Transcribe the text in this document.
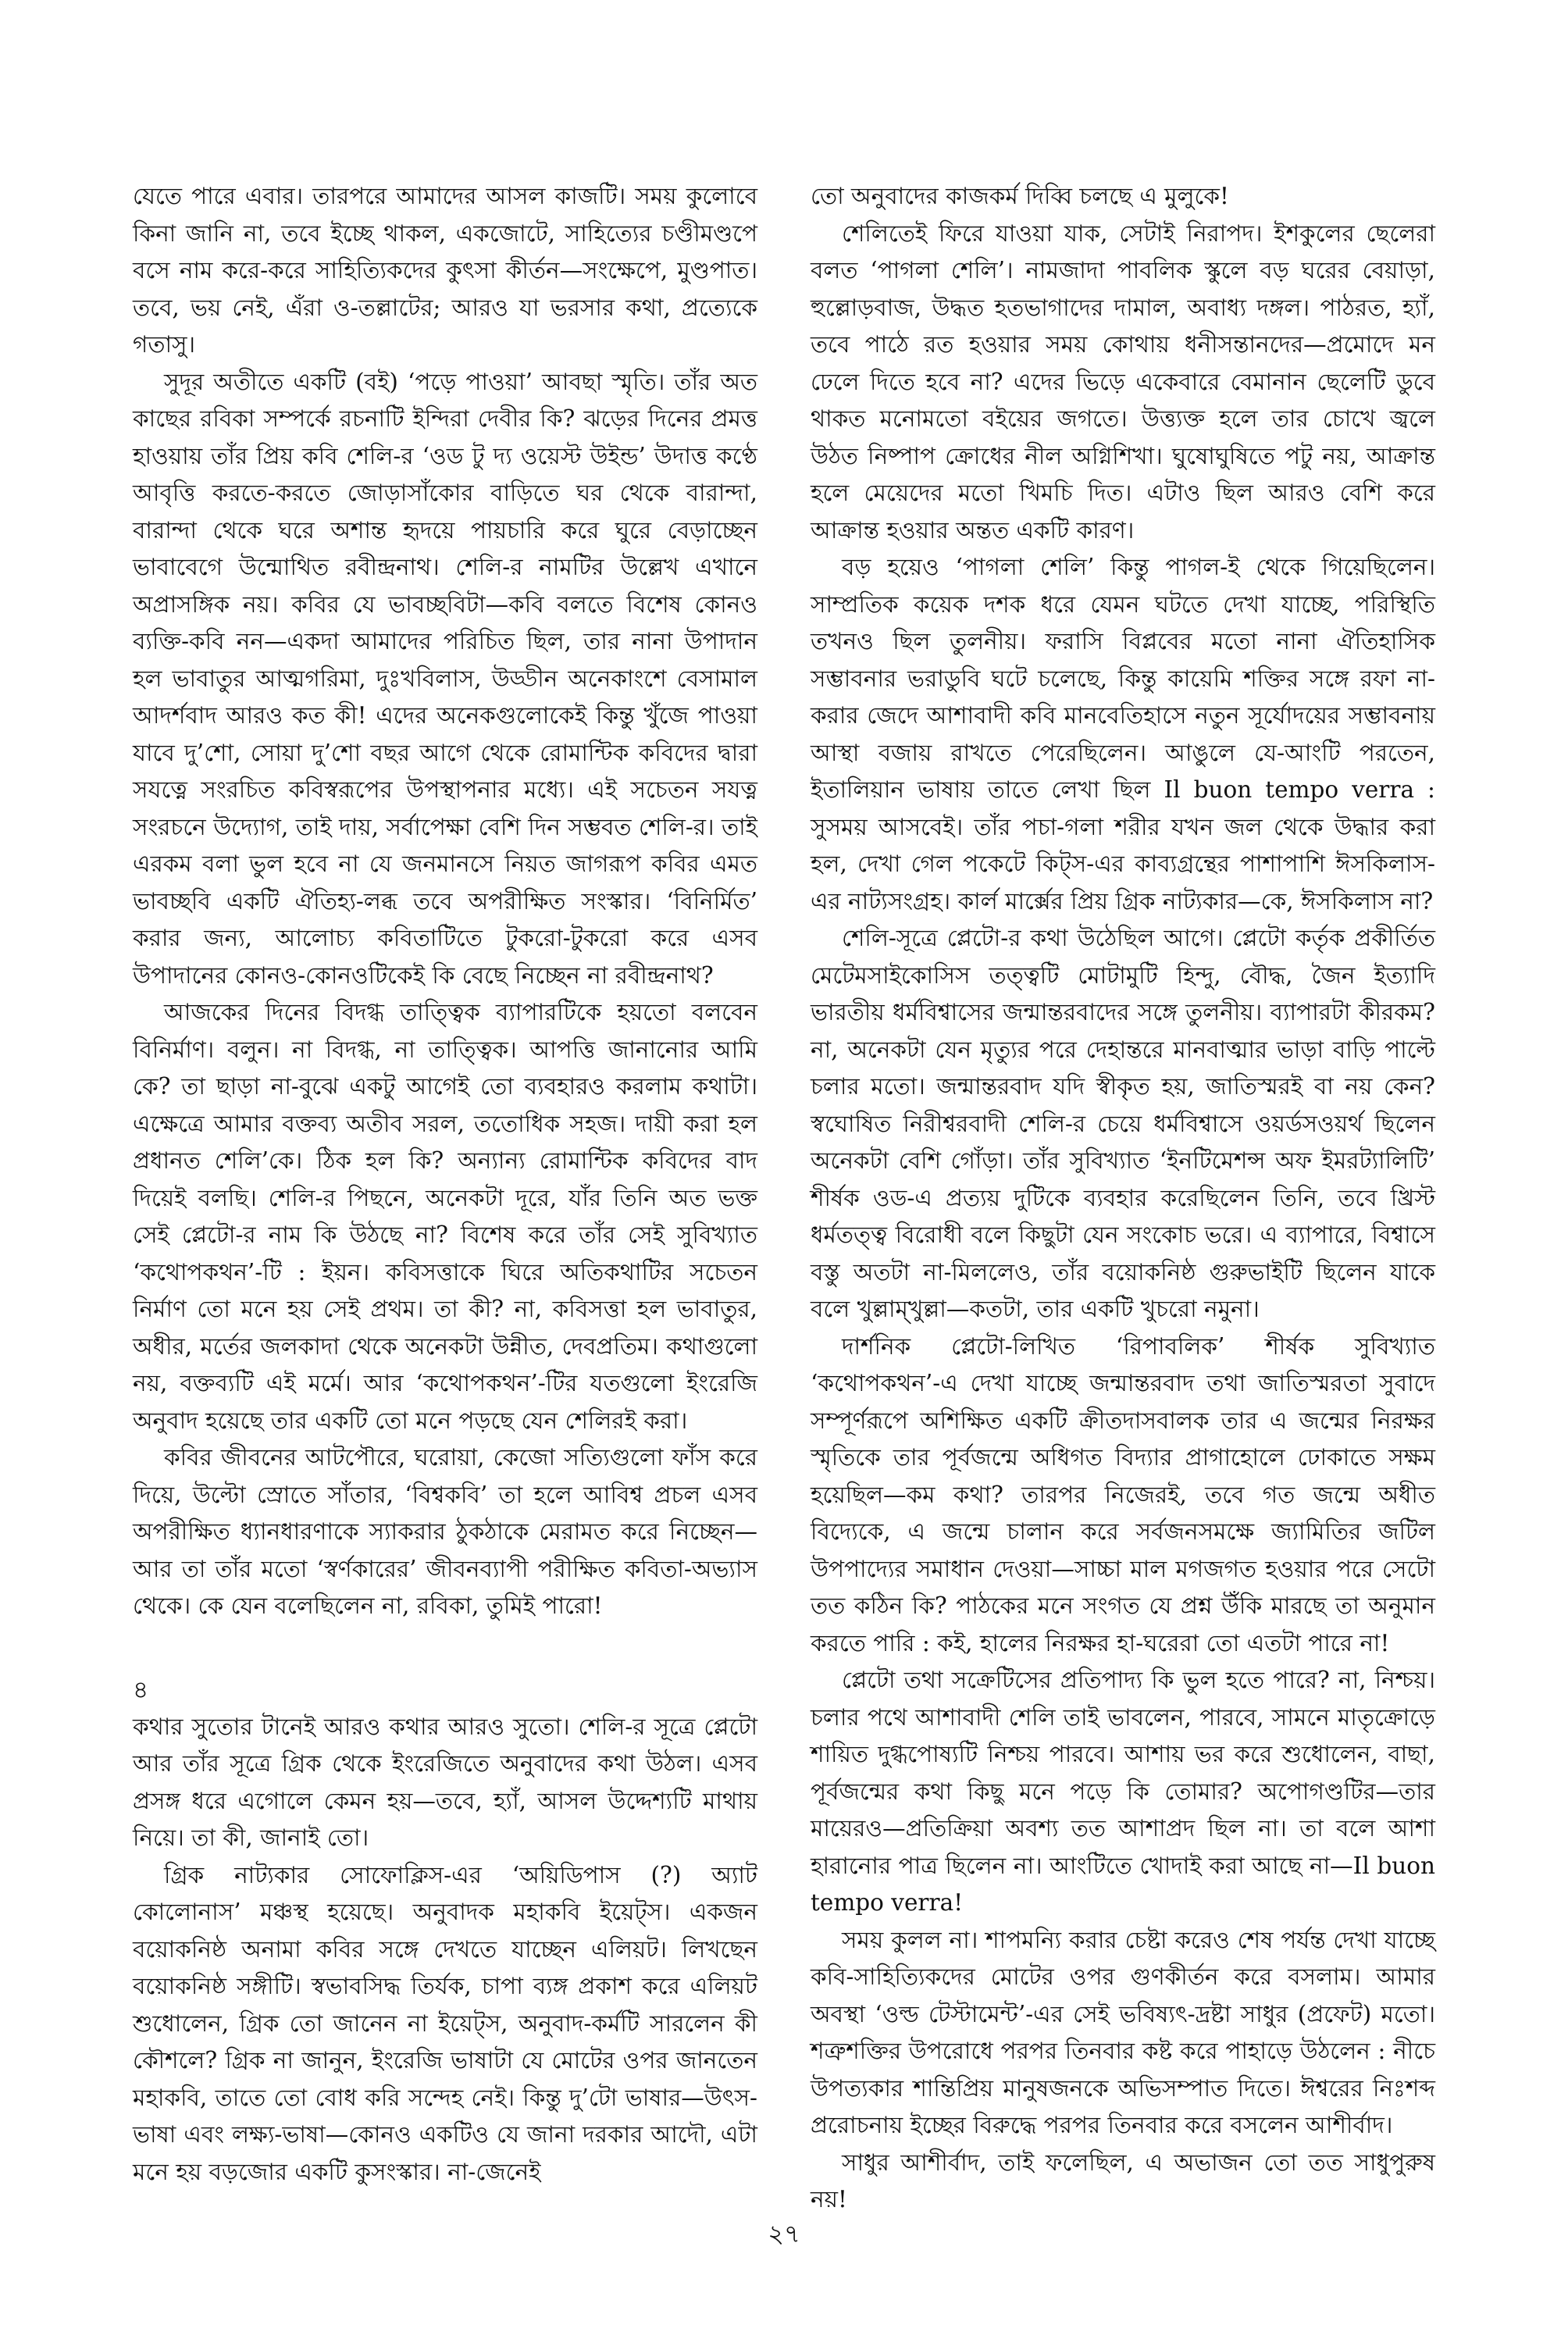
যেতে পারে এবার। তারপরে আমাদের আসল কাজটি। সময় কুলোবে কিনা জানি না, তবে ইচ্ছে থাকল, একজোটে, সাহিত্যের চণ্ডীমণ্ডপে বসে নাম করে-করে সাহিত্যিকদের কুৎসা কীর্তন—সংক্ষেপে, মুণ্ডপাত। তবে, ভয় নেই, এঁরা ও-তল্লাটের; আরও যা ভরসার কথা, প্রত্যেকে গতাসু।

সুদূর অতীতে একটি (বই) ‘পড়ে পাওয়া’ আবছা স্মৃতি। তাঁর অত কাছের রবিকা সম্পর্কে রচনাটি ইন্দিরা দেবীর কি? ঝড়ের দিনের প্রমত্ত হাওয়ায় তাঁর প্রিয় কবি শেলি-র ‘ওড টু দ্য ওয়েস্ট উইন্ড’ উদাত্ত কণ্ঠে আবৃত্তি করতে-করতে জোড়াসাঁকোর বাড়িতে ঘর থেকে বারান্দা, বারান্দা থেকে ঘরে অশান্ত হৃদয়ে পায়চারি করে ঘুরে বেড়াচ্ছেন ভাবাবেগে উন্মোথিত রবীন্দ্রনাথ। শেলি-র নামটির উল্লেখ এখানে অপ্রাসঙ্গিক নয়। কবির যে ভাবচ্ছবিটা—কবি বলতে বিশেষ কোনও ব্যক্তি-কবি নন—একদা আমাদের পরিচিত ছিল, তার নানা উপাদান হল ভাবাতুর আত্মগরিমা, দুঃখবিলাস, উড্ডীন অনেকাংশে বেসামাল আদর্শবাদ আরও কত কী! এদের অনেকগুলোকেই কিন্তু খুঁজে পাওয়া যাবে দু’শো, সোয়া দু’শো বছর আগে থেকে রোমান্টিক কবিদের দ্বারা সযত্নে সংরচিত কবিস্বরূপের উপস্থাপনার মধ্যে। এই সচেতন সযত্ন সংরচনে উদ্যোগ, তাই দায়, সর্বাপেক্ষা বেশি দিন সম্ভবত শেলি-র। তাই এরকম বলা ভুল হবে না যে জনমানসে নিয়ত জাগরূপ কবির এমত ভাবচ্ছবি একটি ঐতিহ্য-লব্ধ তবে অপরীক্ষিত সংস্কার। ‘বিনির্মিত’ করার জন্য, আলোচ্য কবিতাটিতে টুকরো-টুকরো করে এসব উপাদানের কোনও-কোনওটিকেই কি বেছে নিচ্ছেন না রবীন্দ্রনাথ?

আজকের দিনের বিদগ্ধ তাত্ত্বিক ব্যাপারটিকে হয়তো বলবেন বিনির্মাণ। বলুন। না বিদগ্ধ, না তাত্ত্বিক। আপত্তি জানানোর আমি কে? তা ছাড়া না-বুঝে একটু আগেই তো ব্যবহারও করলাম কথাটা। এক্ষেত্রে আমার বক্তব্য অতীব সরল, ততোধিক সহজ। দায়ী করা হল প্রধানত শেলি’কে। ঠিক হল কি? অন্যান্য রোমান্টিক কবিদের বাদ দিয়েই বলছি। শেলি-র পিছনে, অনেকটা দূরে, যাঁর তিনি অত ভক্ত সেই প্লেটো-র নাম কি উঠছে না? বিশেষ করে তাঁর সেই সুবিখ্যাত ‘কথোপকথন’-টি : ইয়ন। কবিসত্তাকে ঘিরে অতিকথাটির সচেতন নির্মাণ তো মনে হয় সেই প্রথম। তা কী? না, কবিসত্তা হল ভাবাতুর, অধীর, মর্তের জলকাদা থেকে অনেকটা উন্নীত, দেবপ্রতিম। কথাগুলো নয়, বক্তব্যটি এই মর্মে। আর ‘কথোপকথন’-টির যতগুলো ইংরেজি অনুবাদ হয়েছে তার একটি তো মনে পড়ছে যেন শেলিরই করা।

কবির জীবনের আটপৌরে, ঘরোয়া, কেজো সত্যিগুলো ফাঁস করে দিয়ে, উল্টো স্রোতে সাঁতার, ‘বিশ্বকবি’ তা হলে আবিশ্ব প্রচল এসব অপরীক্ষিত ধ্যানধারণাকে স্যাকরার ঠুকঠাকে মেরামত করে নিচ্ছেন—আর তা তাঁর মতো ‘স্বর্ণকারের’ জীবনব্যাপী পরীক্ষিত কবিতা-অভ্যাস থেকে। কে যেন বলেছিলেন না, রবিকা, তুমিই পারো!

৪

কথার সুতোর টানেই আরও কথার আরও সুতো। শেলি-র সূত্রে প্লেটো আর তাঁর সূত্রে গ্রিক থেকে ইংরেজিতে অনুবাদের কথা উঠল। এসব প্রসঙ্গ ধরে এগোলে কেমন হয়—তবে, হ্যাঁ, আসল উদ্দেশ্যটি মাথায় নিয়ে। তা কী, জানাই তো।

গ্রিক নাট্যকার সোফোক্লিস-এর ‘অয়িডিপাস (?) অ্যাট কোলোনাস’ মঞ্চস্থ হয়েছে। অনুবাদক মহাকবি ইয়েট্স। একজন বয়োকনিষ্ঠ অনামা কবির সঙ্গে দেখতে যাচ্ছেন এলিয়ট। লিখছেন বয়োকনিষ্ঠ সঙ্গীটি। স্বভাবসিদ্ধ তির্যক, চাপা ব্যঙ্গ প্রকাশ করে এলিয়ট শুধোলেন, গ্রিক তো জানেন না ইয়েট্স, অনুবাদ-কর্মটি সারলেন কী কৌশলে? গ্রিক না জানুন, ইংরেজি ভাষাটা যে মোটের ওপর জানতেন মহাকবি, তাতে তো বোধ করি সন্দেহ নেই। কিন্তু দু’টো ভাষার—উৎস-ভাষা এবং লক্ষ্য-ভাষা—কোনও একটিও যে জানা দরকার আদৌ, এটা মনে হয় বড়জোর একটি কুসংস্কার। না-জেনেই

তো অনুবাদের কাজকর্ম দিব্বি চলছে এ মুলুকে!

শেলিতেই ফিরে যাওয়া যাক, সেটাই নিরাপদ। ইশকুলের ছেলেরা বলত ‘পাগলা শেলি’। নামজাদা পাবলিক স্কুলে বড় ঘরের বেয়াড়া, হুল্লোড়বাজ, উদ্ধত হতভাগাদের দামাল, অবাধ্য দঙ্গল। পাঠরত, হ্যাঁ, তবে পাঠে রত হওয়ার সময় কোথায় ধনীসন্তানদের—প্রমোদে মন ঢেলে দিতে হবে না? এদের ভিড়ে একেবারে বেমানান ছেলেটি ডুবে থাকত মনোমতো বইয়ের জগতে। উত্ত্যক্ত হলে তার চোখে জ্বলে উঠত নিষ্পাপ ক্রোধের নীল অগ্নিশিখা। ঘুষোঘুষিতে পটু নয়, আক্রান্ত হলে মেয়েদের মতো খিমচি দিত। এটাও ছিল আরও বেশি করে আক্রান্ত হওয়ার অন্তত একটি কারণ।

বড় হয়েও ‘পাগলা শেলি’ কিন্তু পাগল-ই থেকে গিয়েছিলেন। সাম্প্রতিক কয়েক দশক ধরে যেমন ঘটতে দেখা যাচ্ছে, পরিস্থিতি তখনও ছিল তুলনীয়। ফরাসি বিপ্লবের মতো নানা ঐতিহাসিক সম্ভাবনার ভরাডুবি ঘটে চলেছে, কিন্তু কায়েমি শক্তির সঙ্গে রফা না-করার জেদে আশাবাদী কবি মানবেতিহাসে নতুন সূর্যোদয়ের সম্ভাবনায় আস্থা বজায় রাখতে পেরেছিলেন। আঙুলে যে-আংটি পরতেন, ইতালিয়ান ভাষায় তাতে লেখা ছিল Il buon tempo verra : সুসময় আসবেই। তাঁর পচা-গলা শরীর যখন জল থেকে উদ্ধার করা হল, দেখা গেল পকেটে কিট্স-এর কাব্যগ্রন্থের পাশাপাশি ঈসকিলাস-এর নাট্যসংগ্রহ। কার্ল মার্ক্সের প্রিয় গ্রিক নাট্যকার—কে, ঈসকিলাস না?

শেলি-সূত্রে প্লেটো-র কথা উঠেছিল আগে। প্লেটো কর্তৃক প্রকীর্তিত মেটেমসাইকোসিস তত্ত্বটি মোটামুটি হিন্দু, বৌদ্ধ, জৈন ইত্যাদি ভারতীয় ধর্মবিশ্বাসের জন্মান্তরবাদের সঙ্গে তুলনীয়। ব্যাপারটা কীরকম? না, অনেকটা যেন মৃত্যুর পরে দেহান্তরে মানবাত্মার ভাড়া বাড়ি পাল্টে চলার মতো। জন্মান্তরবাদ যদি স্বীকৃত হয়, জাতিস্মরই বা নয় কেন? স্বঘোষিত নিরীশ্বরবাদী শেলি-র চেয়ে ধর্মবিশ্বাসে ওয়র্ডসওয়র্থ ছিলেন অনেকটা বেশি গোঁড়া। তাঁর সুবিখ্যাত ‘ইনটিমেশন্স অফ ইমরট্যালিটি’ শীর্ষক ওড-এ প্রত্যয় দুটিকে ব্যবহার করেছিলেন তিনি, তবে খ্রিস্ট ধর্মতত্ত্ব বিরোধী বলে কিছুটা যেন সংকোচ ভরে। এ ব্যাপারে, বিশ্বাসে বস্তু অতটা না-মিললেও, তাঁর বয়োকনিষ্ঠ গুরুভাইটি ছিলেন যাকে বলে খুল্লাম্খুল্লা—কতটা, তার একটি খুচরো নমুনা।

দার্শনিক প্লেটো-লিখিত ‘রিপাবলিক’ শীর্ষক সুবিখ্যাত ‘কথোপকথন’-এ দেখা যাচ্ছে জন্মান্তরবাদ তথা জাতিস্মরতা সুবাদে সম্পূর্ণরূপে অশিক্ষিত একটি ক্রীতদাসবালক তার এ জন্মের নিরক্ষর স্মৃতিকে তার পূর্বজন্মে অধিগত বিদ্যার প্রাগাহোলে ঢোকাতে সক্ষম হয়েছিল—কম কথা? তারপর নিজেরই, তবে গত জন্মে অধীত বিদ্যেকে, এ জন্মে চালান করে সর্বজনসমক্ষে জ্যামিতির জটিল উপপাদ্যের সমাধান দেওয়া—সাচ্চা মাল মগজগত হওয়ার পরে সেটো তত কঠিন কি? পাঠকের মনে সংগত যে প্রশ্ন উঁকি মারছে তা অনুমান করতে পারি : কই, হালের নিরক্ষর হা-ঘরেরা তো এতটা পারে না!

প্লেটো তথা সক্রেটিসের প্রতিপাদ্য কি ভুল হতে পারে? না, নিশ্চয়। চলার পথে আশাবাদী শেলি তাই ভাবলেন, পারবে, সামনে মাতৃক্রোড়ে শায়িত দুগ্ধপোষ্যটি নিশ্চয় পারবে। আশায় ভর করে শুধোলেন, বাছা, পূর্বজন্মের কথা কিছু মনে পড়ে কি তোমার? অপোগণ্ডটির—তার মায়েরও—প্রতিক্রিয়া অবশ্য তত আশাপ্রদ ছিল না। তা বলে আশা হারানোর পাত্র ছিলেন না। আংটিতে খোদাই করা আছে না—Il buon tempo verra!

সময় কুলল না। শাপমন্যি করার চেষ্টা করেও শেষ পর্যন্ত দেখা যাচ্ছে কবি-সাহিত্যিকদের মোটের ওপর গুণকীর্তন করে বসলাম। আমার অবস্থা ‘ওল্ড টেস্টামেন্ট’-এর সেই ভবিষ্যৎ-দ্রষ্টা সাধুর (প্রফেট) মতো। শত্রুশক্তির উপরোধে পরপর তিনবার কষ্ট করে পাহাড়ে উঠলেন : নীচে উপত্যকার শান্তিপ্রিয় মানুষজনকে অভিসম্পাত দিতে। ঈশ্বরের নিঃশব্দ প্ররোচনায় ইচ্ছের বিরুদ্ধে পরপর তিনবার করে বসলেন আশীর্বাদ।

সাধুর আশীর্বাদ, তাই ফলেছিল, এ অভাজন তো তত সাধুপুরুষ নয়!

২৭
